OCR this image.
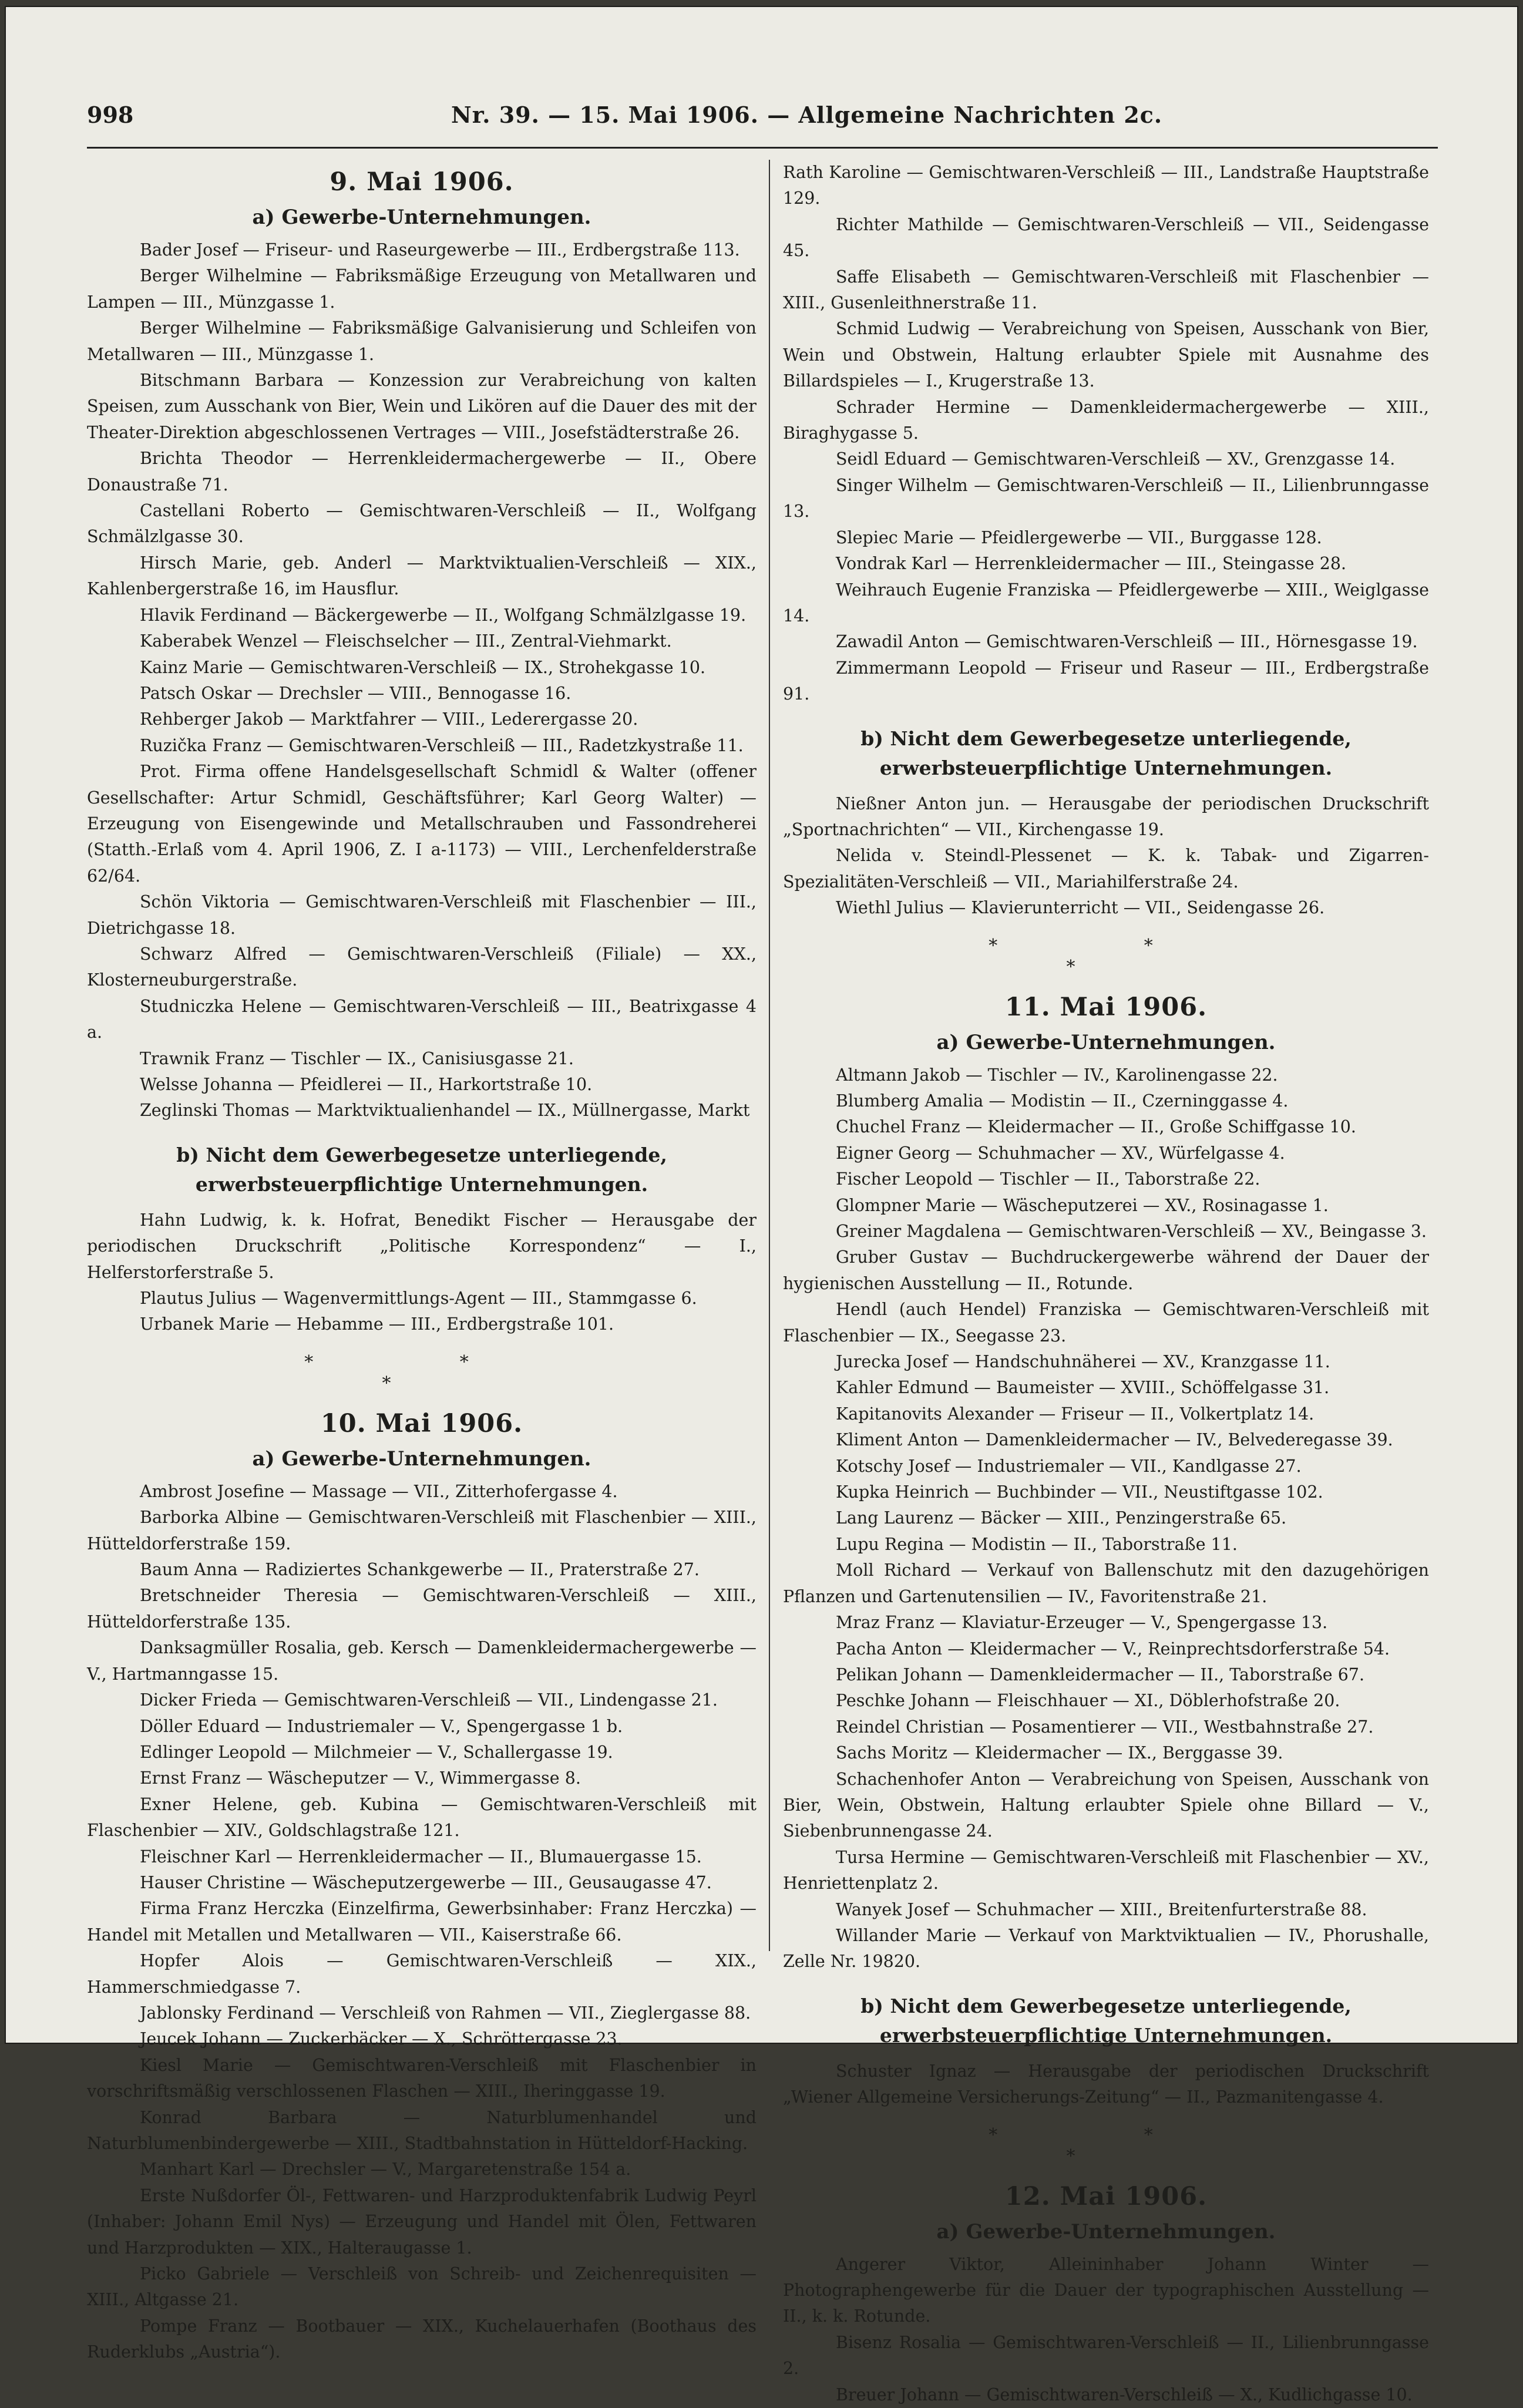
998	Nr. 39. — 15. Mai 1906. — Allgemeine Nachrichten 2c.
9. Mai 1906.
a) Gewerbe-Unternehmungen.

Bader Josef — Friseur- und Raseurgewerbe — III., Erdbergstraße 113.

Berger Wilhelmine — Fabriksmäßige Erzeugung von Metallwaren und Lampen — III., Münzgasse 1.

Berger Wilhelmine — Fabriksmäßige Galvanisierung und Schleifen von Metallwaren — III., Münzgasse 1.

Bitschmann Barbara — Konzession zur Verabreichung von kalten Speisen, zum Ausschank von Bier, Wein und Likören auf die Dauer des mit der Theater-Direktion abgeschlossenen Vertrages — VIII., Josefstädterstraße 26.

Brichta Theodor — Herrenkleidermachergewerbe — II., Obere Donaustraße 71.

Castellani Roberto — Gemischtwaren-Verschleiß — II., Wolfgang Schmälzlgasse 30.

Hirsch Marie, geb. Anderl — Marktviktualien-Verschleiß — XIX., Kahlenbergerstraße 16, im Hausflur.

Hlavik Ferdinand — Bäckergewerbe — II., Wolfgang Schmälzlgasse 19.

Kaberabek Wenzel — Fleischselcher — III., Zentral-Viehmarkt.

Kainz Marie — Gemischtwaren-Verschleiß — IX., Strohekgasse 10.

Patsch Oskar — Drechsler — VIII., Bennogasse 16.

Rehberger Jakob — Marktfahrer — VIII., Lederergasse 20.

Ruzička Franz — Gemischtwaren-Verschleiß — III., Radetzkystraße 11.

Prot. Firma offene Handelsgesellschaft Schmidl & Walter (offener Gesellschafter: Artur Schmidl, Geschäftsführer; Karl Georg Walter) — Erzeugung von Eisengewinde und Metallschrauben und Fassondreherei (Statth.-Erlaß vom 4. April 1906, Z. I a-1173) — VIII., Lerchenfelderstraße 62/64.

Schön Viktoria — Gemischtwaren-Verschleiß mit Flaschenbier — III., Dietrichgasse 18.

Schwarz Alfred — Gemischtwaren-Verschleiß (Filiale) — XX., Klosterneuburgerstraße.

Studniczka Helene — Gemischtwaren-Verschleiß — III., Beatrixgasse 4 a.

Trawnik Franz — Tischler — IX., Canisiusgasse 21.

Welsse Johanna — Pfeidlerei — II., Harkortstraße 10.

Zeglinski Thomas — Marktviktualienhandel — IX., Müllnergasse, Markt

b) Nicht dem Gewerbegesetze unterliegende, erwerbsteuerpflichtige Unternehmungen.

Hahn Ludwig, k. k. Hofrat, Benedikt Fischer — Herausgabe der periodischen Druckschrift „Politische Korrespondenz“ — I., Helferstorferstraße 5.

Plautus Julius — Wagenvermittlungs-Agent — III., Stammgasse 6.

Urbanek Marie — Hebamme — III., Erdbergstraße 101.

* *
*
10. Mai 1906.
a) Gewerbe-Unternehmungen.

Ambrost Josefine — Massage — VII., Zitterhofergasse 4.

Barborka Albine — Gemischtwaren-Verschleiß mit Flaschenbier — XIII., Hütteldorferstraße 159.

Baum Anna — Radiziertes Schankgewerbe — II., Praterstraße 27.

Bretschneider Theresia — Gemischtwaren-Verschleiß — XIII., Hütteldorferstraße 135.

Danksagmüller Rosalia, geb. Kersch — Damenkleidermachergewerbe — V., Hartmanngasse 15.

Dicker Frieda — Gemischtwaren-Verschleiß — VII., Lindengasse 21.

Döller Eduard — Industriemaler — V., Spengergasse 1 b.

Edlinger Leopold — Milchmeier — V., Schallergasse 19.

Ernst Franz — Wäscheputzer — V., Wimmergasse 8.

Exner Helene, geb. Kubina — Gemischtwaren-Verschleiß mit Flaschenbier — XIV., Goldschlagstraße 121.

Fleischner Karl — Herrenkleidermacher — II., Blumauergasse 15.

Hauser Christine — Wäscheputzergewerbe — III., Geusaugasse 47.

Firma Franz Herczka (Einzelfirma, Gewerbsinhaber: Franz Herczka) — Handel mit Metallen und Metallwaren — VII., Kaiserstraße 66.

Hopfer Alois — Gemischtwaren-Verschleiß — XIX., Hammerschmiedgasse 7.

Jablonsky Ferdinand — Verschleiß von Rahmen — VII., Zieglergasse 88.

Jeucek Johann — Zuckerbäcker — X., Schröttergasse 23.

Kiesl Marie — Gemischtwaren-Verschleiß mit Flaschenbier in vorschriftsmäßig verschlossenen Flaschen — XIII., Iheringgasse 19.

Konrad Barbara — Naturblumenhandel und Naturblumenbindergewerbe — XIII., Stadtbahnstation in Hütteldorf-Hacking.

Manhart Karl — Drechsler — V., Margaretenstraße 154 a.

Erste Nußdorfer Öl-, Fettwaren- und Harzproduktenfabrik Ludwig Peyrl (Inhaber: Johann Emil Nys) — Erzeugung und Handel mit Ölen, Fettwaren und Harzprodukten — XIX., Halteraugasse 1.

Picko Gabriele — Verschleiß von Schreib- und Zeichenrequisiten — XIII., Altgasse 21.

Pompe Franz — Bootbauer — XIX., Kuchelauerhafen (Boothaus des Ruderklubs „Austria“).

Rath Karoline — Gemischtwaren-Verschleiß — III., Landstraße Hauptstraße 129.

Richter Mathilde — Gemischtwaren-Verschleiß — VII., Seidengasse 45.

Saffe Elisabeth — Gemischtwaren-Verschleiß mit Flaschenbier — XIII., Gusenleithnerstraße 11.

Schmid Ludwig — Verabreichung von Speisen, Ausschank von Bier, Wein und Obstwein, Haltung erlaubter Spiele mit Ausnahme des Billardspieles — I., Krugerstraße 13.

Schrader Hermine — Damenkleidermachergewerbe — XIII., Biraghygasse 5.

Seidl Eduard — Gemischtwaren-Verschleiß — XV., Grenzgasse 14.

Singer Wilhelm — Gemischtwaren-Verschleiß — II., Lilienbrunngasse 13.

Slepiec Marie — Pfeidlergewerbe — VII., Burggasse 128.

Vondrak Karl — Herrenkleidermacher — III., Steingasse 28.

Weihrauch Eugenie Franziska — Pfeidlergewerbe — XIII., Weiglgasse 14.

Zawadil Anton — Gemischtwaren-Verschleiß — III., Hörnesgasse 19.

Zimmermann Leopold — Friseur und Raseur — III., Erdbergstraße 91.

b) Nicht dem Gewerbegesetze unterliegende, erwerbsteuerpflichtige Unternehmungen.

Nießner Anton jun. — Herausgabe der periodischen Druckschrift „Sportnachrichten“ — VII., Kirchengasse 19.

Nelida v. Steindl-Plessenet — K. k. Tabak- und Zigarren-Spezialitäten-Verschleiß — VII., Mariahilferstraße 24.

Wiethl Julius — Klavierunterricht — VII., Seidengasse 26.

* *
*
11. Mai 1906.
a) Gewerbe-Unternehmungen.

Altmann Jakob — Tischler — IV., Karolinengasse 22.

Blumberg Amalia — Modistin — II., Czerninggasse 4.

Chuchel Franz — Kleidermacher — II., Große Schiffgasse 10.

Eigner Georg — Schuhmacher — XV., Würfelgasse 4.

Fischer Leopold — Tischler — II., Taborstraße 22.

Glompner Marie — Wäscheputzerei — XV., Rosinagasse 1.

Greiner Magdalena — Gemischtwaren-Verschleiß — XV., Beingasse 3.

Gruber Gustav — Buchdruckergewerbe während der Dauer der hygienischen Ausstellung — II., Rotunde.

Hendl (auch Hendel) Franziska — Gemischtwaren-Verschleiß mit Flaschenbier — IX., Seegasse 23.

Jurecka Josef — Handschuhnäherei — XV., Kranzgasse 11.

Kahler Edmund — Baumeister — XVIII., Schöffelgasse 31.

Kapitanovits Alexander — Friseur — II., Volkertplatz 14.

Kliment Anton — Damenkleidermacher — IV., Belvederegasse 39.

Kotschy Josef — Industriemaler — VII., Kandlgasse 27.

Kupka Heinrich — Buchbinder — VII., Neustiftgasse 102.

Lang Laurenz — Bäcker — XIII., Penzingerstraße 65.

Lupu Regina — Modistin — II., Taborstraße 11.

Moll Richard — Verkauf von Ballenschutz mit den dazugehörigen Pflanzen und Gartenutensilien — IV., Favoritenstraße 21.

Mraz Franz — Klaviatur-Erzeuger — V., Spengergasse 13.

Pacha Anton — Kleidermacher — V., Reinprechtsdorferstraße 54.

Pelikan Johann — Damenkleidermacher — II., Taborstraße 67.

Peschke Johann — Fleischhauer — XI., Döblerhofstraße 20.

Reindel Christian — Posamentierer — VII., Westbahnstraße 27.

Sachs Moritz — Kleidermacher — IX., Berggasse 39.

Schachenhofer Anton — Verabreichung von Speisen, Ausschank von Bier, Wein, Obstwein, Haltung erlaubter Spiele ohne Billard — V., Siebenbrunnengasse 24.

Tursa Hermine — Gemischtwaren-Verschleiß mit Flaschenbier — XV., Henriettenplatz 2.

Wanyek Josef — Schuhmacher — XIII., Breitenfurterstraße 88.

Willander Marie — Verkauf von Marktviktualien — IV., Phorushalle, Zelle Nr. 19820.

b) Nicht dem Gewerbegesetze unterliegende, erwerbsteuerpflichtige Unternehmungen.

Schuster Ignaz — Herausgabe der periodischen Druckschrift „Wiener Allgemeine Versicherungs-Zeitung“ — II., Pazmanitengasse 4.

* *
*
12. Mai 1906.
a) Gewerbe-Unternehmungen.

Angerer Viktor, Alleininhaber Johann Winter — Photographengewerbe für die Dauer der typographischen Ausstellung — II., k. k. Rotunde.

Bisenz Rosalia — Gemischtwaren-Verschleiß — II., Lilienbrunngasse 2.

Breuer Johann — Gemischtwaren-Verschleiß — X., Kudlichgasse 10.
